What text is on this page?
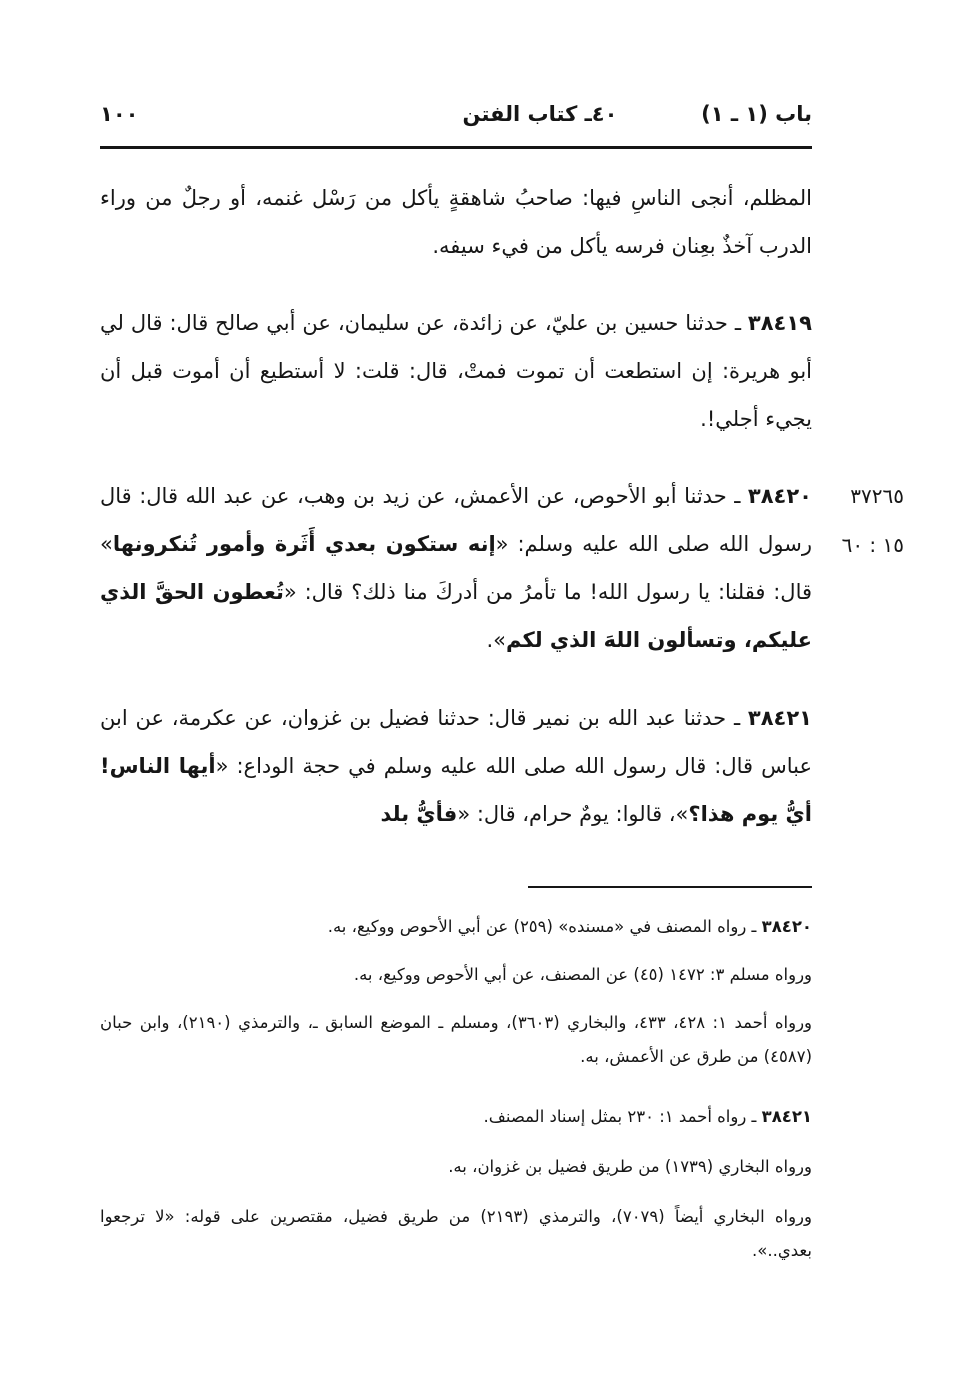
١٠٠	٤٠ـ كتاب الفتن	باب (١ ـ ١)
المظلم، أنجى الناسِ فيها: صاحبُ شاهقةٍ يأكل من رَسْل غنمه، أو رجلٌ من وراء الدرب آخذٌ بعِنان فرسه يأكل من فيء سيفه.
٣٨٤١٩ ـ حدثنا حسين بن عليّ، عن زائدة، عن سليمان، عن أبي صالح قال: قال لي أبو هريرة: إن استطعت أن تموت فمتْ، قال: قلت: لا أستطيع أن أموت قبل أن يجيء أجلي!.
٣٧٢٦٥
١٥ : ٦٠
٣٨٤٢٠ ـ حدثنا أبو الأحوص، عن الأعمش، عن زيد بن وهب، عن عبد الله قال: قال رسول الله صلى الله عليه وسلم: «إنه ستكون بعدي أَثَرة وأمور تُنكرونها» قال: فقلنا: يا رسول الله! ما تأمرُ من أدركَ منا ذلك؟ قال: «تُعطون الحقَّ الذي عليكم، وتسألون اللهَ الذي لكم».
٣٨٤٢١ ـ حدثنا عبد الله بن نمير قال: حدثنا فضيل بن غزوان، عن عكرمة، عن ابن عباس قال: قال رسول الله صلى الله عليه وسلم في حجة الوداع: «أيها الناس! أيُّ يوم هذا؟»، قالوا: يومٌ حرام، قال: «فأيُّ بلد
٣٨٤٢٠ ـ رواه المصنف في «مسنده» (٢٥٩) عن أبي الأحوص ووكيع، به.
ورواه مسلم ٣: ١٤٧٢ (٤٥) عن المصنف، عن أبي الأحوص ووكيع، به.
ورواه أحمد ١: ٤٢٨، ٤٣٣، والبخاري (٣٦٠٣)، ومسلم ـ الموضع السابق ـ، والترمذي (٢١٩٠)، وابن حبان (٤٥٨٧) من طرق عن الأعمش، به.
٣٨٤٢١ ـ رواه أحمد ١: ٢٣٠ بمثل إسناد المصنف.
ورواه البخاري (١٧٣٩) من طريق فضيل بن غزوان، به.
ورواه البخاري أيضاً (٧٠٧٩)، والترمذي (٢١٩٣) من طريق فضيل، مقتصرين على قوله: «لا ترجعوا بعدي..».
